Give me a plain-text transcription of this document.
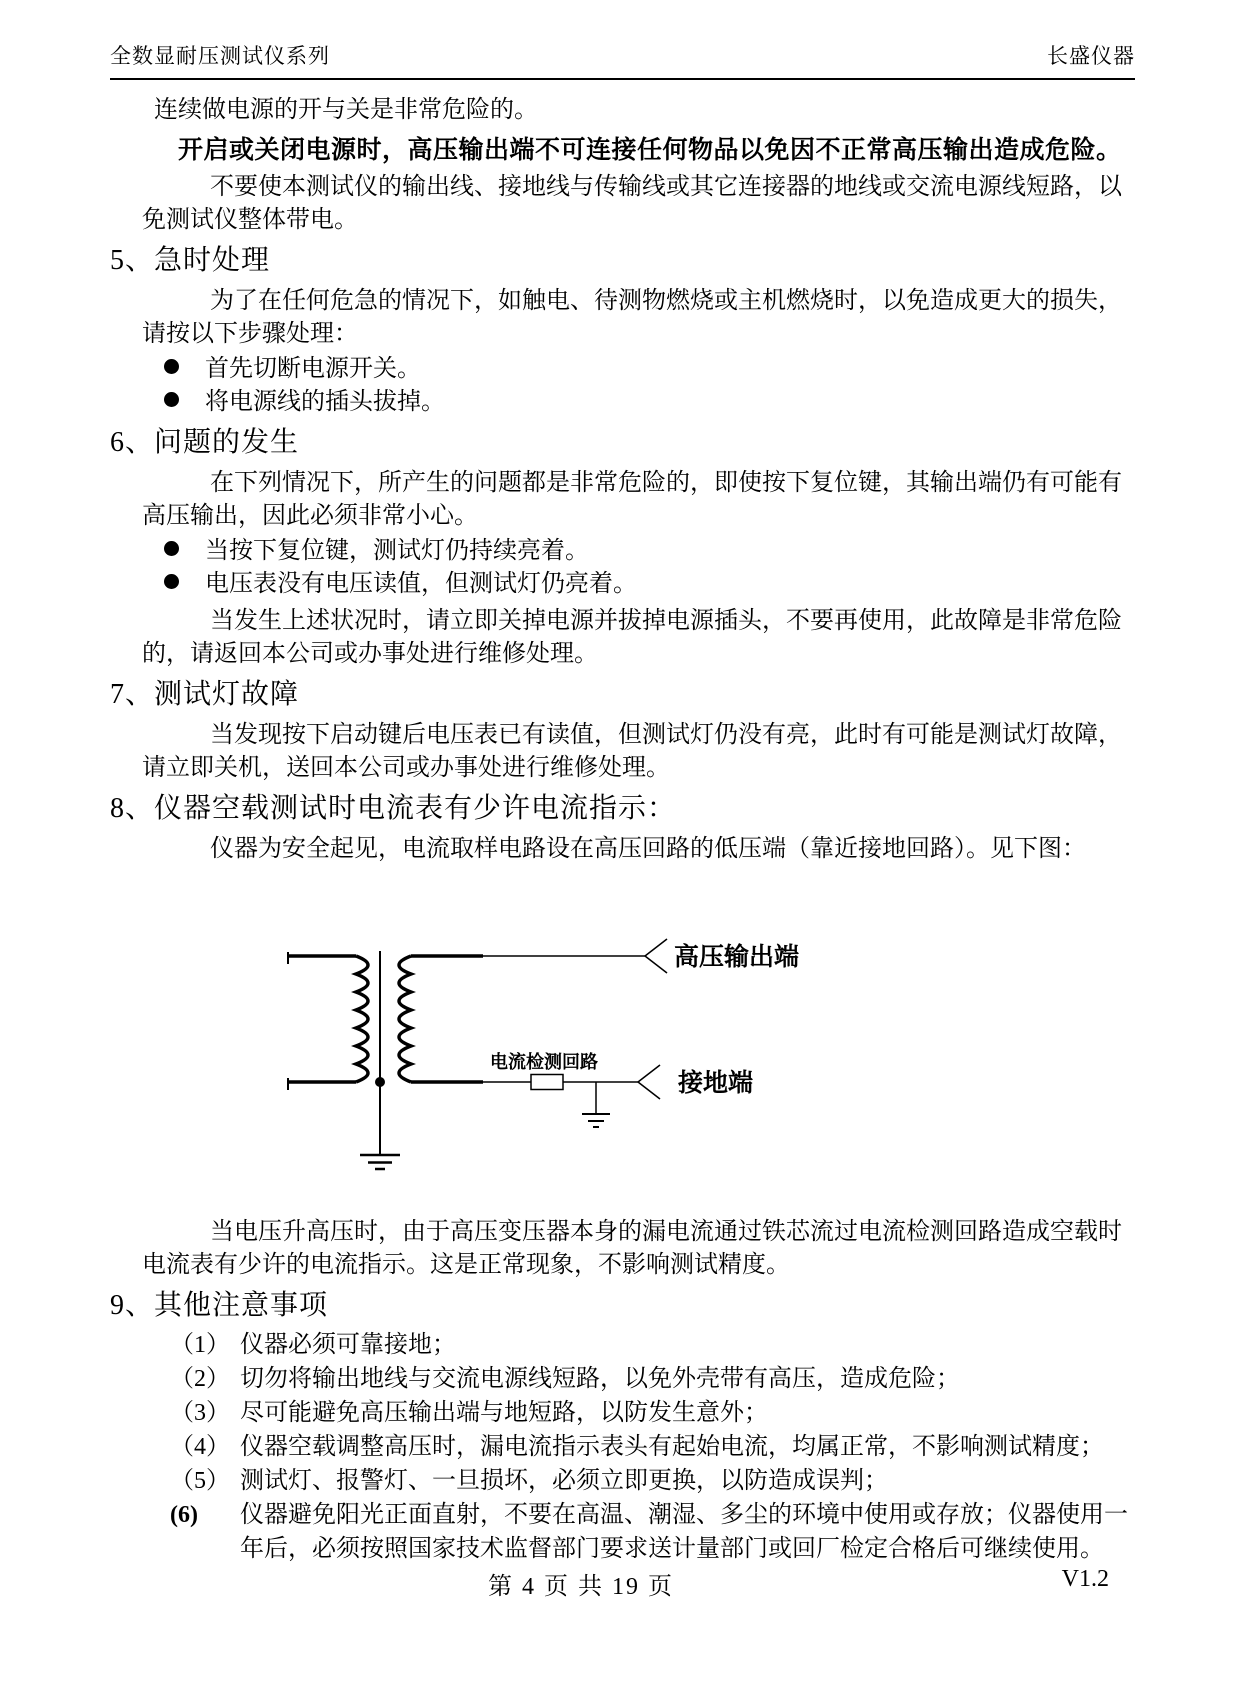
全数显耐压测试仪系列	长盛仪器

连续做电源的开与关是非常危险的。

开启或关闭电源时，高压输出端不可连接任何物品以免因不正常高压输出造成危险。

不要使本测试仪的输出线、接地线与传输线或其它连接器的地线或交流电源线短路，以免测试仪整体带电。

5、急时处理

为了在任何危急的情况下，如触电、待测物燃烧或主机燃烧时，以免造成更大的损失，请按以下步骤处理：

首先切断电源开关。
将电源线的插头拔掉。
6、问题的发生

在下列情况下，所产生的问题都是非常危险的，即使按下复位键，其输出端仍有可能有高压输出，因此必须非常小心。

当按下复位键，测试灯仍持续亮着。
电压表没有电压读值，但测试灯仍亮着。

当发生上述状况时，请立即关掉电源并拔掉电源插头，不要再使用，此故障是非常危险的，请返回本公司或办事处进行维修处理。

7、测试灯故障

当发现按下启动键后电压表已有读值，但测试灯仍没有亮，此时有可能是测试灯故障，请立即关机，送回本公司或办事处进行维修处理。

8、仪器空载测试时电流表有少许电流指示：

仪器为安全起见，电流取样电路设在高压回路的低压端（靠近接地回路）。见下图：

高压输出端
电流检测回路
接地端

当电压升高压时，由于高压变压器本身的漏电流通过铁芯流过电流检测回路造成空载时电流表有少许的电流指示。这是正常现象，不影响测试精度。

9、其他注意事项
（1） 仪器必须可靠接地；
（2） 切勿将输出地线与交流电源线短路，以免外壳带有高压，造成危险；
（3） 尽可能避免高压输出端与地短路，以防发生意外；
（4） 仪器空载调整高压时，漏电流指示表头有起始电流，均属正常，不影响测试精度；
（5） 测试灯、报警灯、一旦损坏，必须立即更换，以防造成误判；
(6)	仪器避免阳光正面直射，不要在高温、潮湿、多尘的环境中使用或存放；仪器使用一年后，必须按照国家技术监督部门要求送计量部门或回厂检定合格后可继续使用。
第 4 页 共 19 页	V1.2
